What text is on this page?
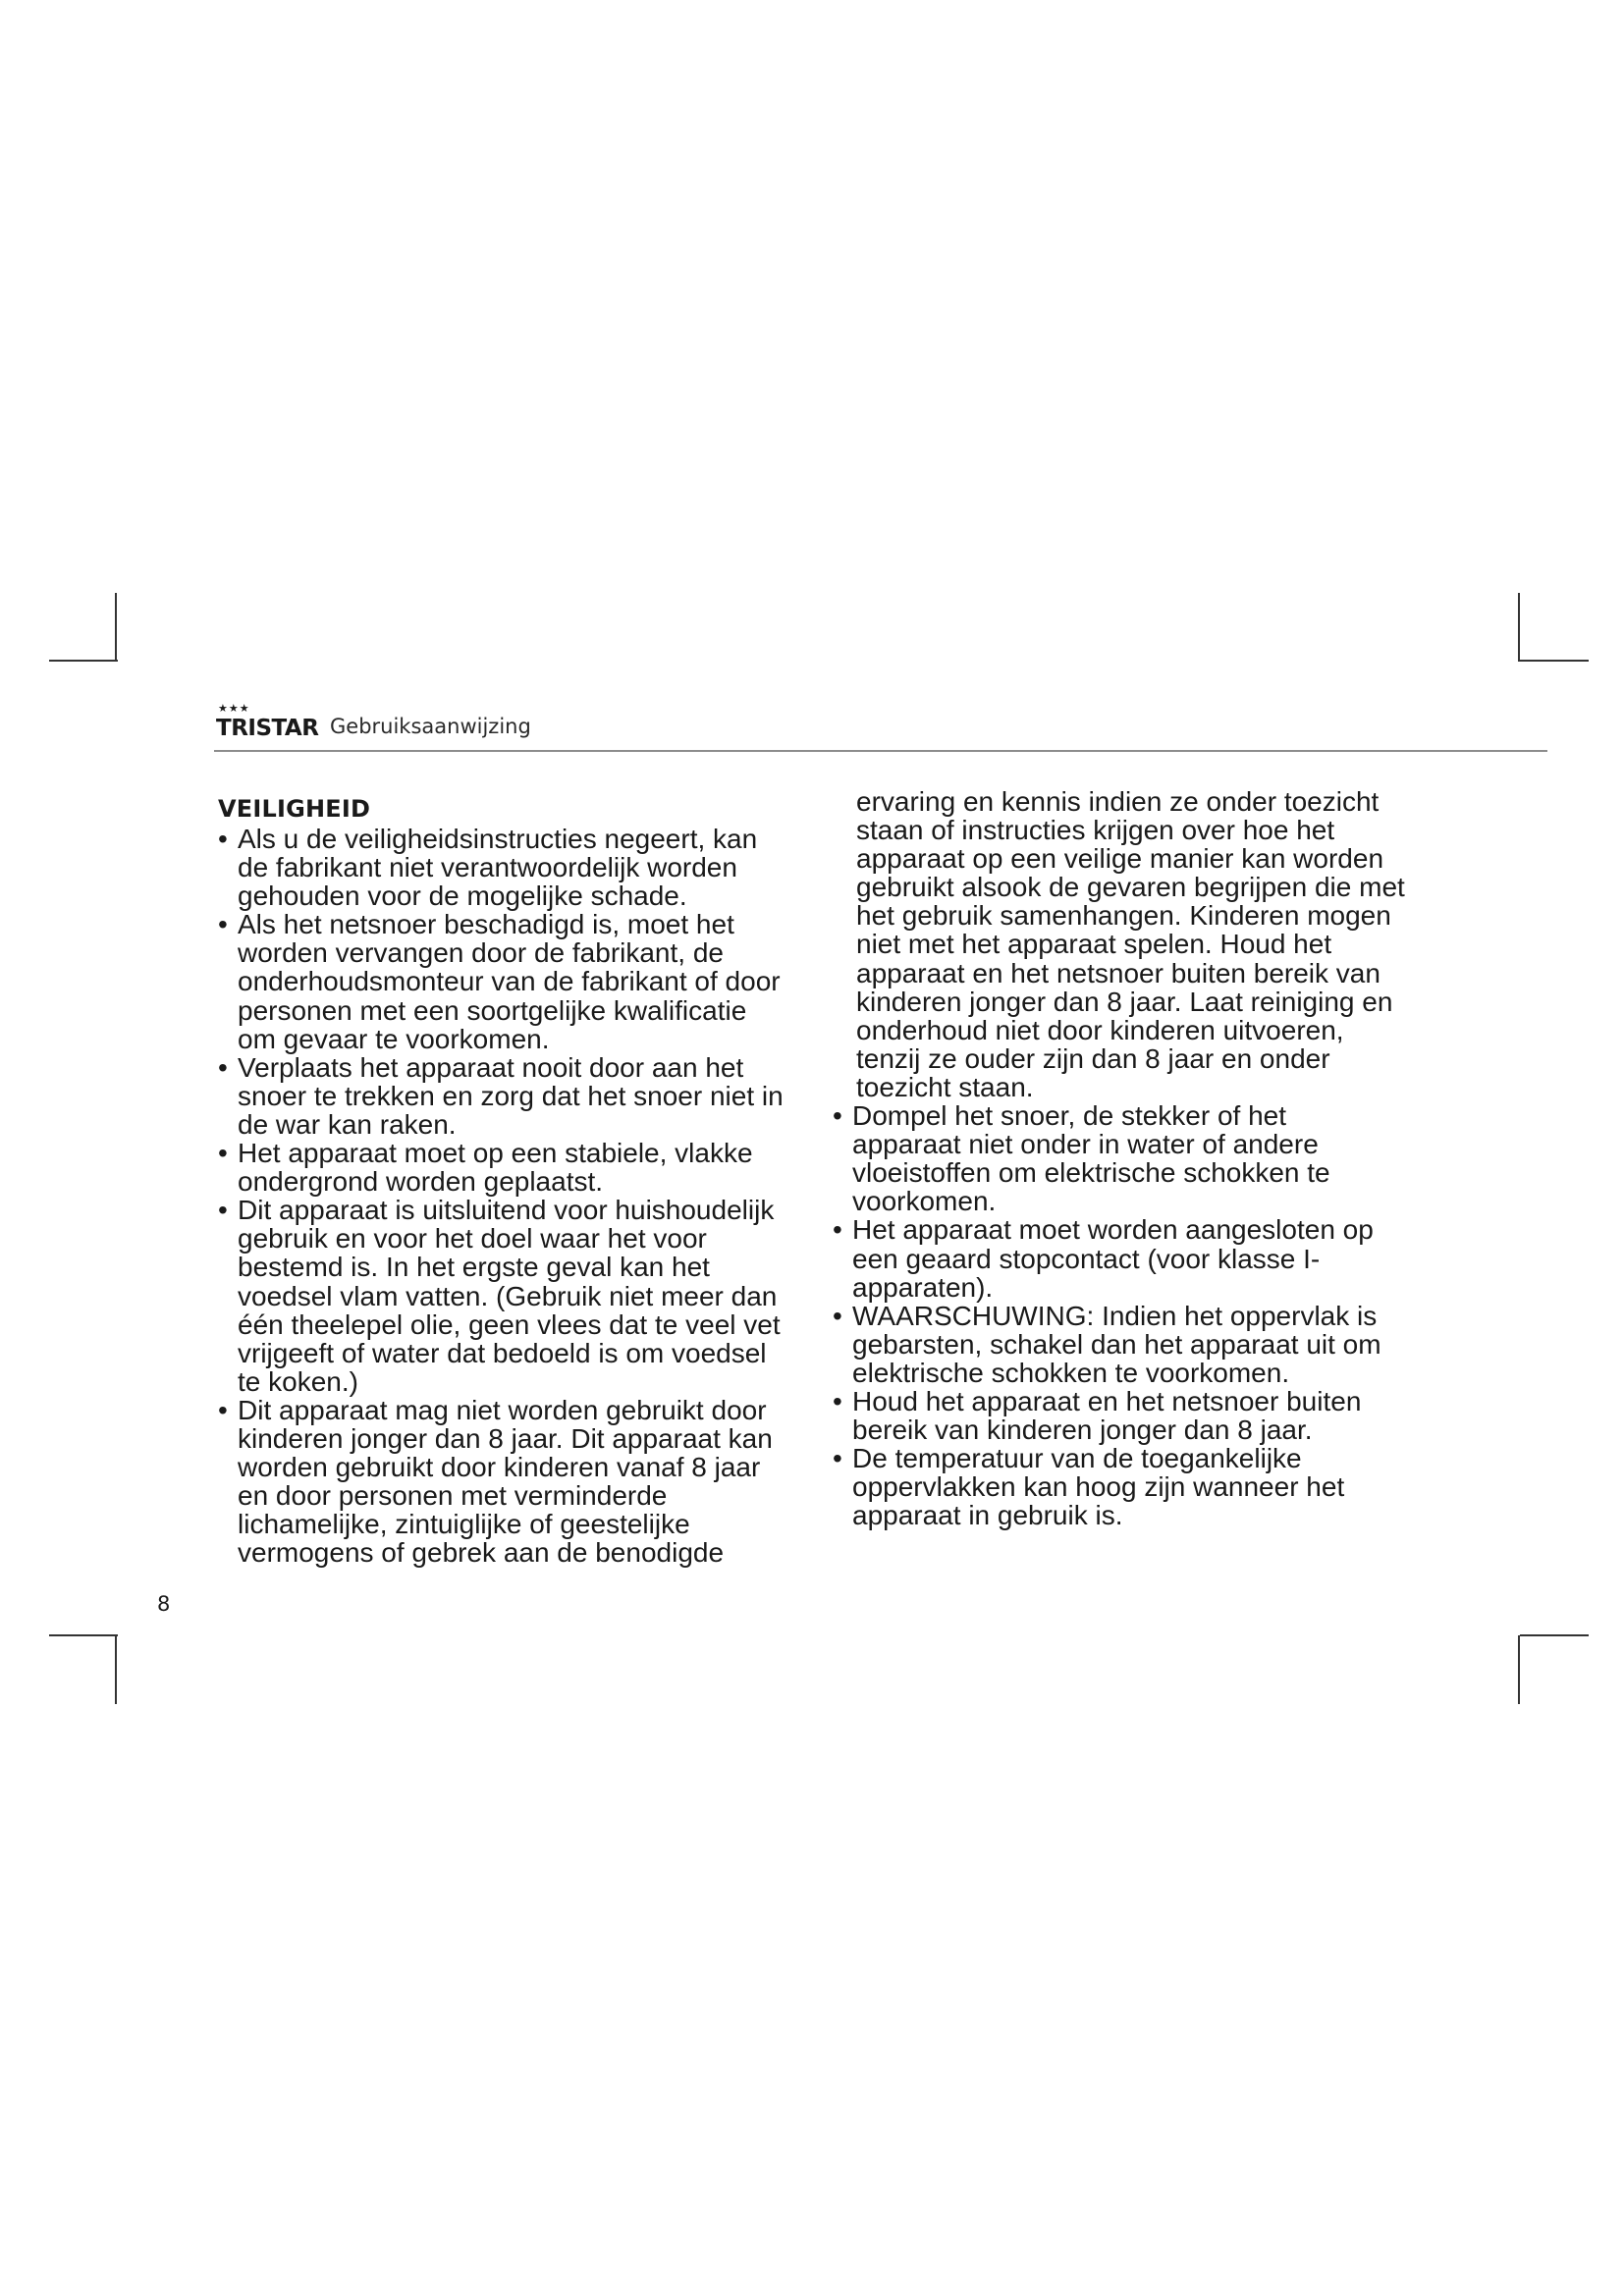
★★★
TRISTAR Gebruiksaanwijzing
VEILIGHEID
• Als u de veiligheidsinstructies negeert, kan
de fabrikant niet verantwoordelijk worden
gehouden voor de mogelijke schade.
• Als het netsnoer beschadigd is, moet het
worden vervangen door de fabrikant, de
onderhoudsmonteur van de fabrikant of door
personen met een soortgelijke kwalificatie
om gevaar te voorkomen.
• Verplaats het apparaat nooit door aan het
snoer te trekken en zorg dat het snoer niet in
de war kan raken.
• Het apparaat moet op een stabiele, vlakke
ondergrond worden geplaatst.
• Dit apparaat is uitsluitend voor huishoudelijk
gebruik en voor het doel waar het voor
bestemd is. In het ergste geval kan het
voedsel vlam vatten. (Gebruik niet meer dan
één theelepel olie, geen vlees dat te veel vet
vrijgeeft of water dat bedoeld is om voedsel
te koken.)
• Dit apparaat mag niet worden gebruikt door
kinderen jonger dan 8 jaar. Dit apparaat kan
worden gebruikt door kinderen vanaf 8 jaar
en door personen met verminderde
lichamelijke, zintuiglijke of geestelijke
vermogens of gebrek aan de benodigde
ervaring en kennis indien ze onder toezicht
staan of instructies krijgen over hoe het
apparaat op een veilige manier kan worden
gebruikt alsook de gevaren begrijpen die met
het gebruik samenhangen. Kinderen mogen
niet met het apparaat spelen. Houd het
apparaat en het netsnoer buiten bereik van
kinderen jonger dan 8 jaar. Laat reiniging en
onderhoud niet door kinderen uitvoeren,
tenzij ze ouder zijn dan 8 jaar en onder
toezicht staan.
• Dompel het snoer, de stekker of het
apparaat niet onder in water of andere
vloeistoffen om elektrische schokken te
voorkomen.
• Het apparaat moet worden aangesloten op
een geaard stopcontact (voor klasse I-
apparaten).
• WAARSCHUWING: Indien het oppervlak is
gebarsten, schakel dan het apparaat uit om
elektrische schokken te voorkomen.
• Houd het apparaat en het netsnoer buiten
bereik van kinderen jonger dan 8 jaar.
• De temperatuur van de toegankelijke
oppervlakken kan hoog zijn wanneer het
apparaat in gebruik is.
8
